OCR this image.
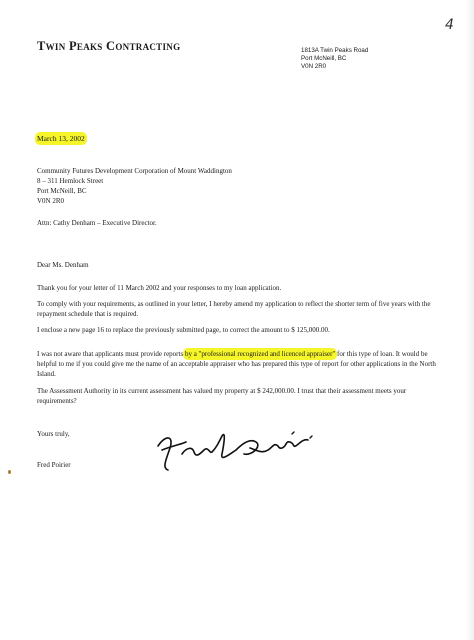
Twin Peaks Contracting	1813A Twin Peaks Road
Port McNeill, BC
V0N 2R0
4
March 13, 2002
Community Futures Development Corporation of Mount Waddington
8 – 311 Hemlock Street
Port McNeill, BC
V0N 2R0
Attn: Cathy Denham – Executive Director.
Dear Ms. Denham
Thank you for your letter of 11 March 2002 and your responses to my loan application.
To comply with your requirements, as outlined in your letter, I hereby amend my application to reflect the shorter term of five years with the repayment schedule that is required.
I enclose a new page 16 to replace the previously submitted page, to correct the amount to $ 125,000.00.
I was not aware that applicants must provide reports by a "professional recognized and licenced appraiser" for this type of loan. It would be helpful to me if you could give me the name of an acceptable appraiser who has prepared this type of report for other applications in the North Island.
The Assessment Authority in its current assessment has valued my property at $ 242,000.00. I trust that their assessment meets your requirements?
Yours truly,
Fred Poirier
